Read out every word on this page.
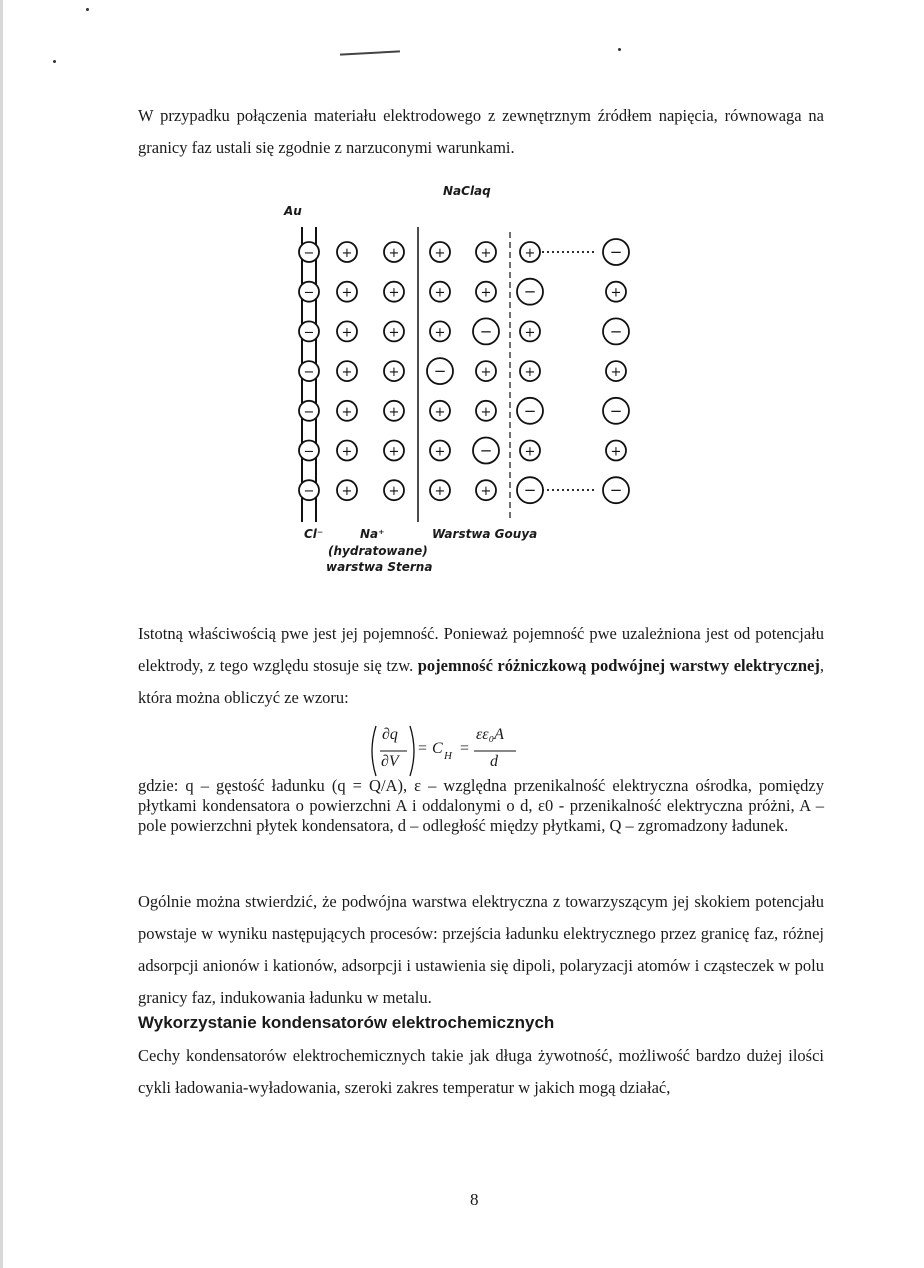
W przypadku połączenia materiału elektrodowego z zewnętrznym źródłem napięcia, równowaga na granicy faz ustali się zgodnie z narzuconymi warunkami.
− +	+	+	+	+	−
− +	+	+	+ −	+
− +	+	+ − +	−
− +	+ −	+	+	+
− +	+	+	+ −	−
− +	+	+ − +	+
− +	+	+	+ −	−
NaClaq
Au
Cl⁻	Na⁺
(hydratowane)
warstwa Sterna
Warstwa Gouya
Istotną właściwością pwe jest jej pojemność. Ponieważ pojemność pwe uzależniona jest od potencjału elektrody, z tego względu stosuje się tzw. pojemność różniczkową podwójnej warstwy elektrycznej, która można obliczyć ze wzoru:
∂q
∂V
= C H =
εε₀A
d
gdzie: q – gęstość ładunku (q = Q/A), ε – względna przenikalność elektryczna ośrodka, pomiędzy płytkami kondensatora o powierzchni A i oddalonymi o d, ε0 - przenikalność elektryczna próżni, A – pole powierzchni płytek kondensatora, d – odległość między płytkami, Q – zgromadzony ładunek.
Ogólnie można stwierdzić, że podwójna warstwa elektryczna z towarzyszącym jej skokiem potencjału powstaje w wyniku następujących procesów: przejścia ładunku elektrycznego przez granicę faz, różnej adsorpcji anionów i kationów, adsorpcji i ustawienia się dipoli, polaryzacji atomów i cząsteczek w polu granicy faz, indukowania ładunku w metalu.
Wykorzystanie kondensatorów elektrochemicznych
Cechy kondensatorów elektrochemicznych takie jak długa żywotność, możliwość bardzo dużej ilości cykli ładowania-wyładowania, szeroki zakres temperatur w jakich mogą działać,
8
